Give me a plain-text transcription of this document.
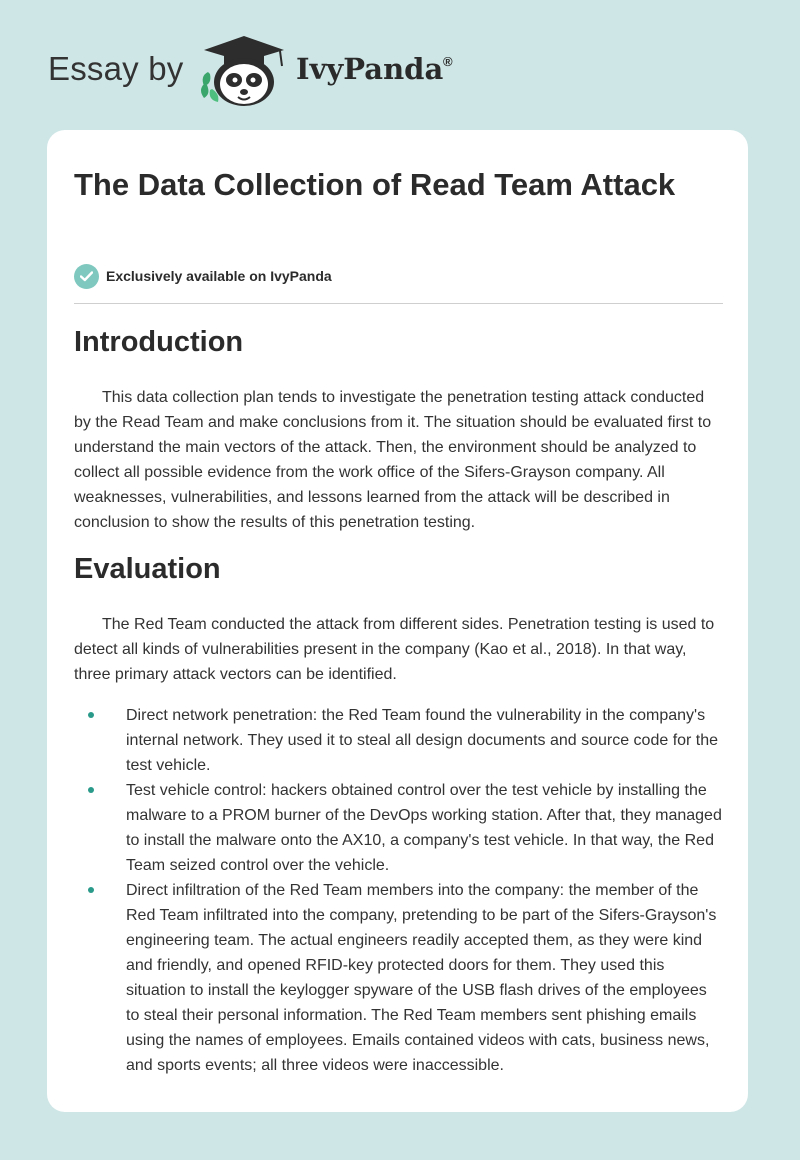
Essay by	IvyPanda ®
The Data Collection of Read Team Attack
Exclusively available on IvyPanda
Introduction

This data collection plan tends to investigate the penetration testing attack conducted by the Read Team and make conclusions from it. The situation should be evaluated first to understand the main vectors of the attack. Then, the environment should be analyzed to collect all possible evidence from the work office of the Sifers-Grayson company. All weaknesses, vulnerabilities, and lessons learned from the attack will be described in conclusion to show the results of this penetration testing.

Evaluation

The Red Team conducted the attack from different sides. Penetration testing is used to detect all kinds of vulnerabilities present in the company (Kao et al., 2018). In that way, three primary attack vectors can be identified.

Direct network penetration: the Red Team found the vulnerability in the company's internal network. They used it to steal all design documents and source code for the test vehicle.
Test vehicle control: hackers obtained control over the test vehicle by installing the malware to a PROM burner of the DevOps working station. After that, they managed to install the malware onto the AX10, a company's test vehicle. In that way, the Red Team seized control over the vehicle.
Direct infiltration of the Red Team members into the company: the member of the Red Team infiltrated into the company, pretending to be part of the Sifers-Grayson's engineering team. The actual engineers readily accepted them, as they were kind and friendly, and opened RFID-key protected doors for them. They used this situation to install the keylogger spyware of the USB flash drives of the employees to steal their personal information. The Red Team members sent phishing emails using the names of employees. Emails contained videos with cats, business news, and sports events; all three videos were inaccessible.
